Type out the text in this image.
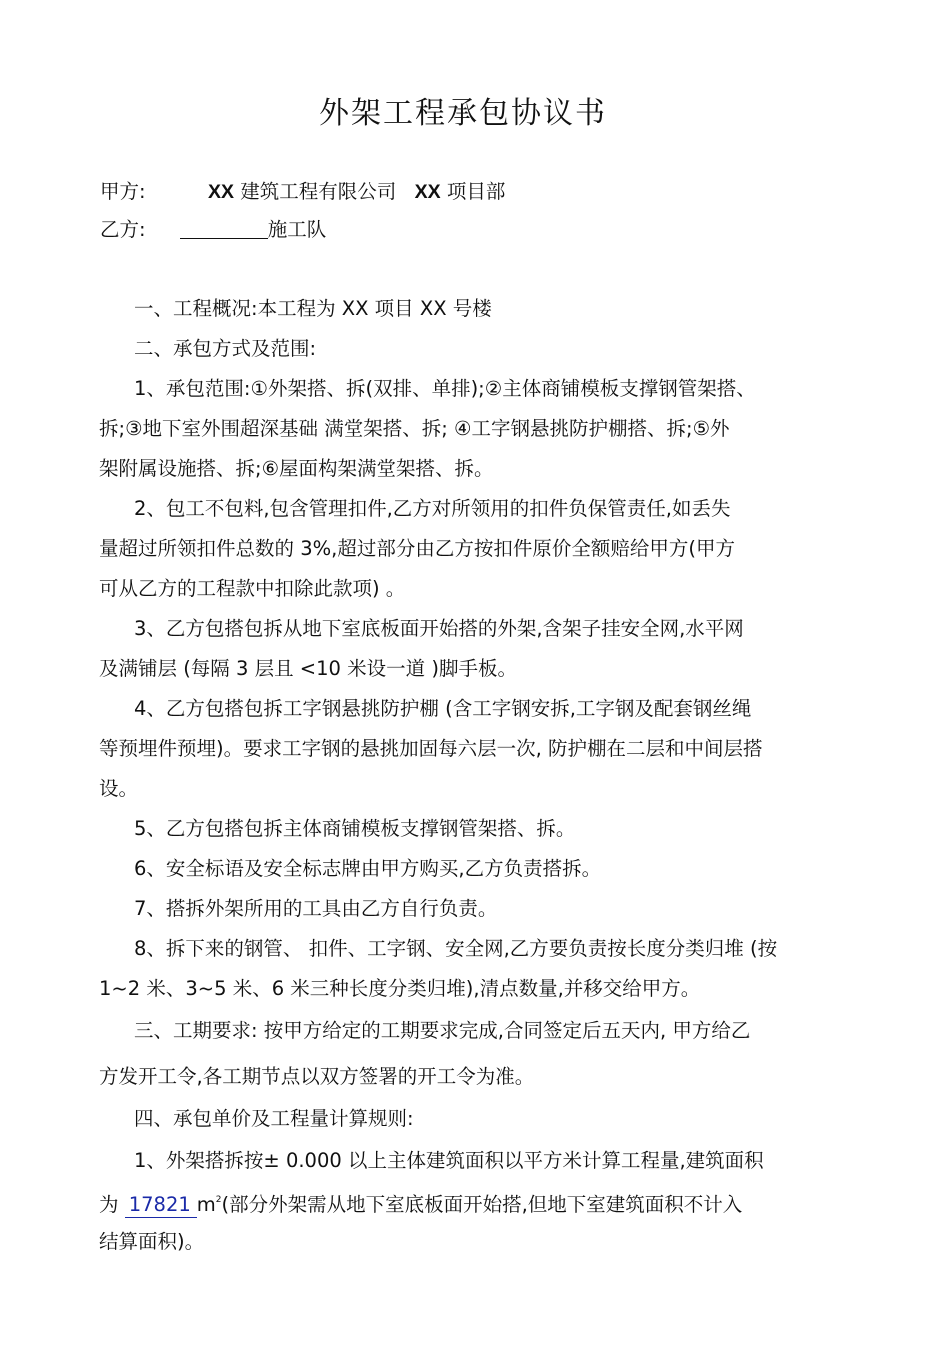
外架工程承包协议书
甲方:	XX 建筑工程有限公司 XX 项目部
乙方:	施工队
一、工程概况:本工程为 XX 项目 XX 号楼
二、承包方式及范围:
1、承包范围:①外架搭、拆(双排、单排);②主体商铺模板支撑钢管架搭、
拆;③地下室外围超深基础 满堂架搭、拆; ④工字钢悬挑防护棚搭、拆;⑤外
架附属设施搭、拆;⑥屋面构架满堂架搭、拆。
2、包工不包料,包含管理扣件,乙方对所领用的扣件负保管责任,如丢失
量超过所领扣件总数的 3%,超过部分由乙方按扣件原价全额赔给甲方(甲方
可从乙方的工程款中扣除此款项) 。
3、乙方包搭包拆从地下室底板面开始搭的外架,含架子挂安全网,水平网
及满铺层 (每隔 3 层且 <10 米设一道 )脚手板。
4、乙方包搭包拆工字钢悬挑防护棚 (含工字钢安拆,工字钢及配套钢丝绳
等预埋件预埋)。要求工字钢的悬挑加固每六层一次, 防护棚在二层和中间层搭
设。
5、乙方包搭包拆主体商铺模板支撑钢管架搭、拆。
6、安全标语及安全标志牌由甲方购买,乙方负责搭拆。
7、搭拆外架所用的工具由乙方自行负责。
8、拆下来的钢管、 扣件、工字钢、安全网,乙方要负责按长度分类归堆 (按
1~2 米、3~5 米、6 米三种长度分类归堆),清点数量,并移交给甲方。
三、工期要求: 按甲方给定的工期要求完成,合同签定后五天内, 甲方给乙
方发开工令,各工期节点以双方签署的开工令为准。
四、承包单价及工程量计算规则:
1、外架搭拆按± 0.000 以上主体建筑面积以平方米计算工程量,建筑面积
为 17821 $m^2$(部分外架需从地下室底板面开始搭,但地下室建筑面积不计入
结算面积)。
